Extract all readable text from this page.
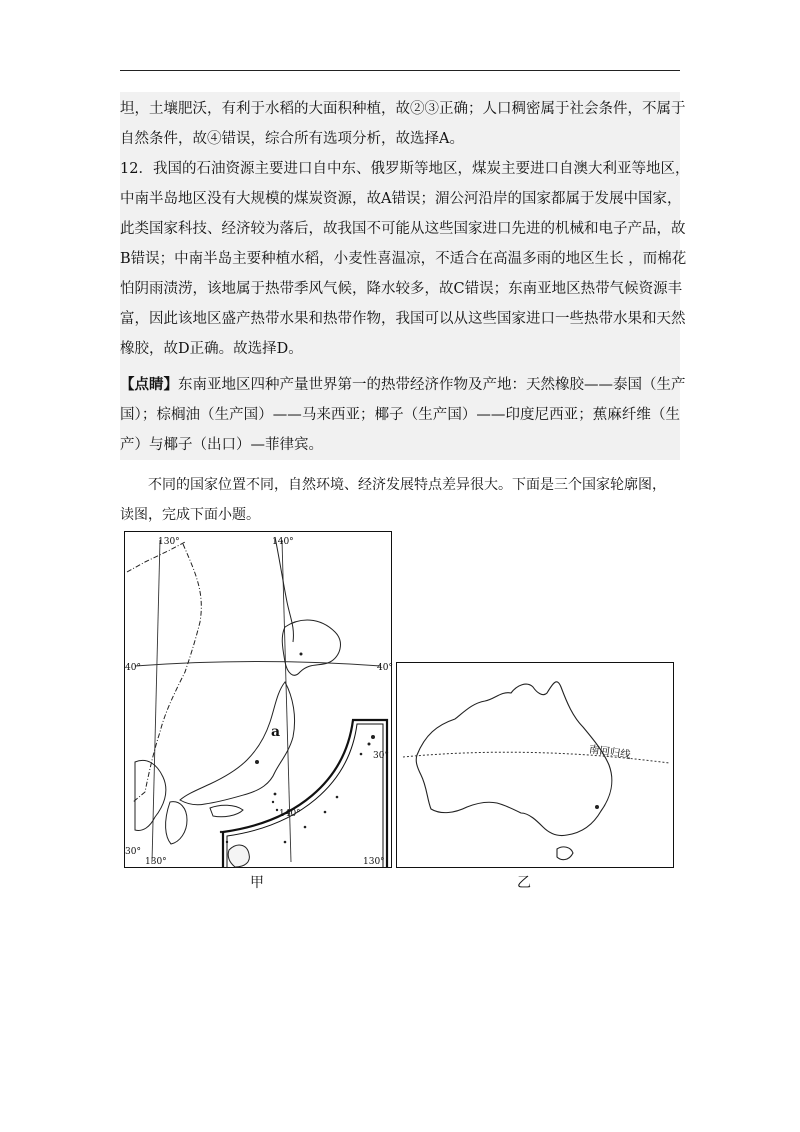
坦，土壤肥沃，有利于水稻的大面积种植，故②③正确；人口稠密属于社会条件，不属于
自然条件，故④错误，综合所有选项分析，故选择A。
12．我国的石油资源主要进口自中东、俄罗斯等地区，煤炭主要进口自澳大利亚等地区，
中南半岛地区没有大规模的煤炭资源，故A错误；湄公河沿岸的国家都属于发展中国家，
此类国家科技、经济较为落后，故我国不可能从这些国家进口先进的机械和电子产品，故
B错误；中南半岛主要种植水稻，小麦性喜温凉，不适合在高温多雨的地区生长 ，而棉花
怕阴雨渍涝，该地属于热带季风气候，降水较多，故C错误；东南亚地区热带气候资源丰
富，因此该地区盛产热带水果和热带作物，我国可以从这些国家进口一些热带水果和天然
橡胶，故D正确。故选择D。
【点睛】东南亚地区四种产量世界第一的热带经济作物及产地：天然橡胶——泰国（生产
国）；棕榈油（生产国）——马来西亚；椰子（生产国）——印度尼西亚；蕉麻纤维（生
产）与椰子（出口）—菲律宾。
不同的国家位置不同，自然环境、经济发展特点差异很大。下面是三个国家轮廓图，
读图，完成下面小题。
130°	140°
40°	40°
30°
140°
30°
130°	130°
a
甲
南回归线
乙
